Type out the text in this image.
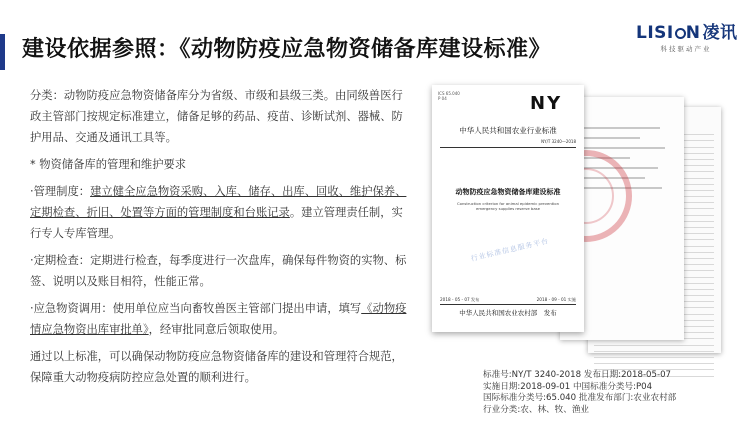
建设依据参照：《动物防疫应急物资储备库建设标准》
LISI N 凌讯
科技驱动产业

分类：动物防疫应急物资储备库分为省级、市级和县级三类。由同级兽医行政主管部门按规定标准建立，储备足够的药品、疫苗、诊断试剂、器械、防护用品、交通及通讯工具等。

* 物资储备库的管理和维护要求

·管理制度：建立健全应急物资采购、入库、储存、出库、回收、维护保养、定期检查、折旧、处置等方面的管理制度和台账记录。建立管理责任制，实行专人专库管理。

·定期检查：定期进行检查，每季度进行一次盘库，确保每件物资的实物、标签、说明以及账目相符，性能正常。

·应急物资调用：使用单位应当向畜牧兽医主管部门提出申请，填写《动物疫情应急物资出库审批单》，经审批同意后领取使用。

通过以上标准，可以确保动物防疫应急物资储备库的建设和管理符合规范，保障重大动物疫病防控应急处置的顺利进行。

ICS 65.040
P 04	NY
中华人民共和国农业行业标准
NY/T 3240—2018
动物防疫应急物资储备库建设标准
Construction criterion for animal epidemic prevention emergency supplies reserve base
行业标准信息服务平台
2018 - 05 - 07 发布	2018 - 09 - 01 实施
中华人民共和国农业农村部　发布

标准号:NY/T 3240-2018 发布日期:2018-05-07

实施日期:2018-09-01 中国标准分类号:P04

国际标准分类号:65.040 批准发布部门:农业农村部

行业分类:农、林、牧、渔业
